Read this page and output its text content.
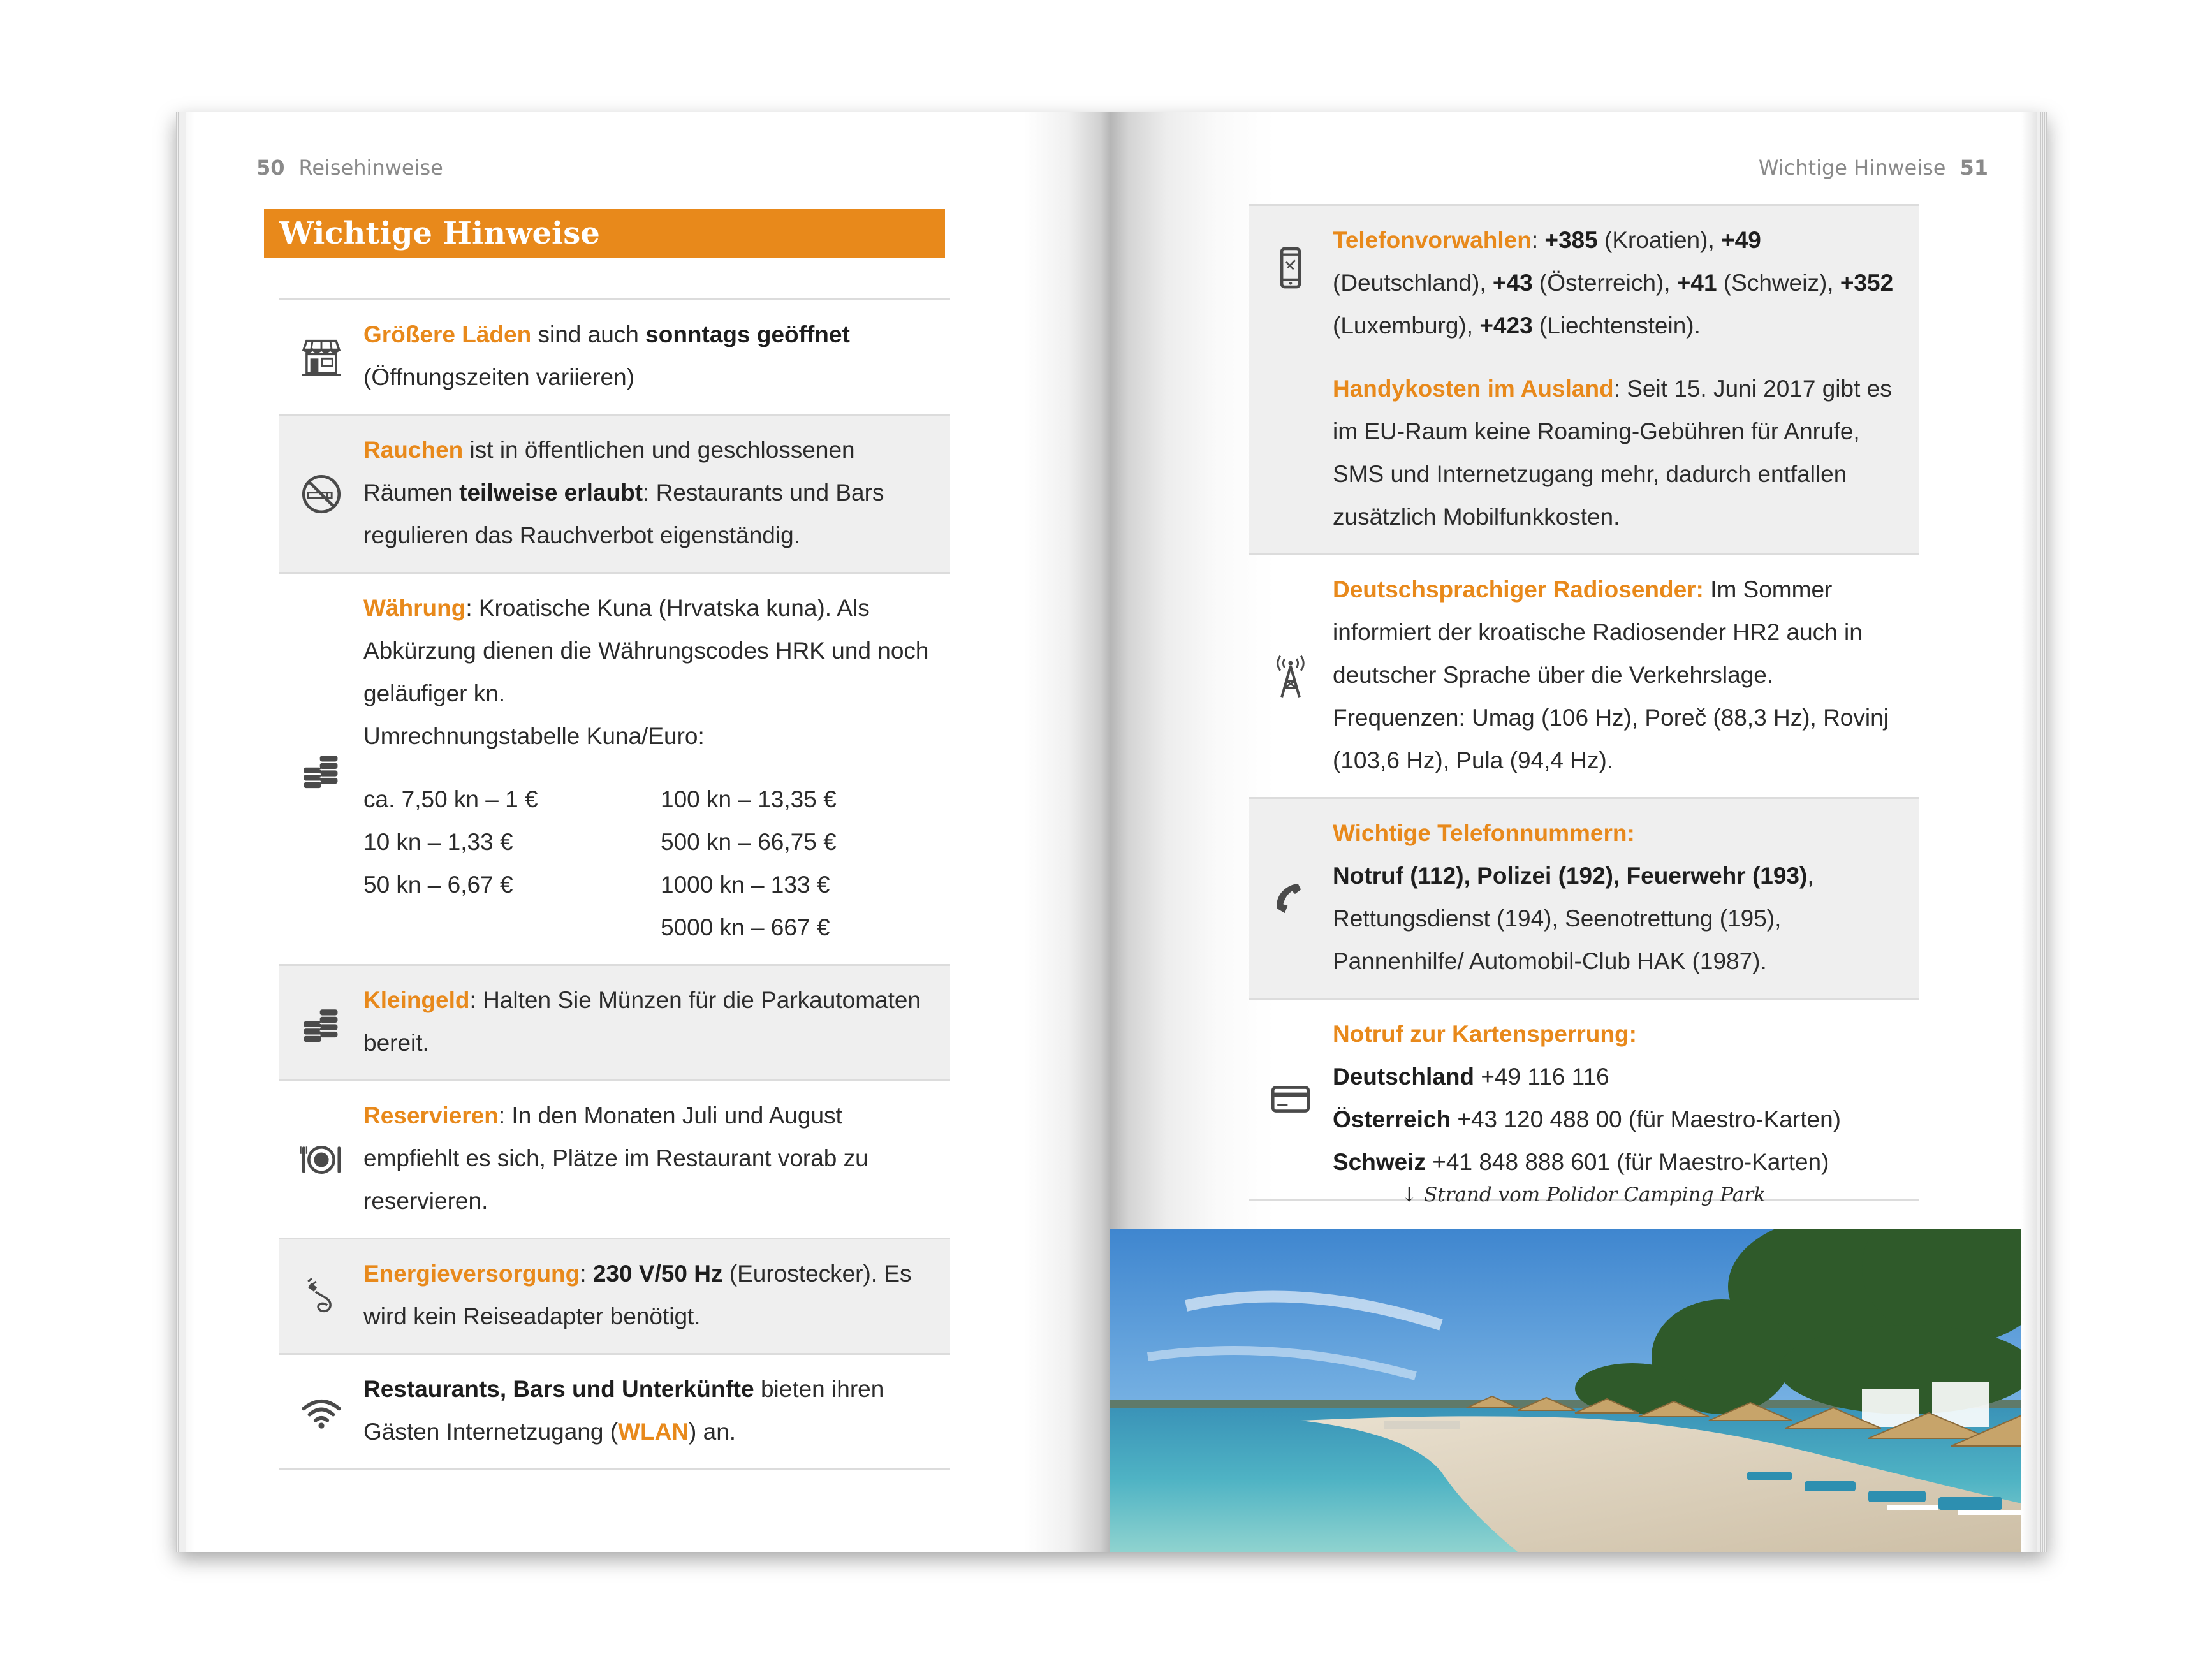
50 Reisehinweise
Wichtige Hinweise
Größere Läden sind auch sonntags geöffnet (Öffnungszeiten variieren)
Rauchen ist in öffentlichen und geschlossenen Räumen teilweise erlaubt: Restaurants und Bars regulieren das Rauchverbot eigenständig.
Währung: Kroatische Kuna (Hrvatska kuna). Als Abkürzung dienen die Währungscodes HRK und noch geläufiger kn.
Umrechnungstabelle Kuna/Euro:
ca. 7,50 kn – 1 €
10 kn – 1,33 €
50 kn – 6,67 €
100 kn – 13,35 €
500 kn – 66,75 €
1000 kn – 133 €
5000 kn – 667 €
Kleingeld: Halten Sie Münzen für die Parkautomaten bereit.
Reservieren: In den Monaten Juli und August empfiehlt es sich, Plätze im Restaurant vorab zu reservieren.
Energieversorgung: 230 V/50 Hz (Eurostecker). Es wird kein Reiseadapter benötigt.
Restaurants, Bars und Unterkünfte bieten ihren Gästen Internetzugang (WLAN) an.
Wichtige Hinweise 51

Telefonvorwahlen: +385 (Kroatien), +49 (Deutschland), +43 (Österreich), +41 (Schweiz), +352 (Luxemburg), +423 (Liechtenstein).

Handykosten im Ausland: Seit 15. Juni 2017 gibt es im EU-Raum keine Roaming-Gebühren für Anrufe, SMS und Internetzugang mehr, dadurch entfallen zusätzlich Mobilfunkkosten.

Deutschsprachiger Radiosender: Im Sommer informiert der kroatische Radiosender HR2 auch in deutscher Sprache über die Verkehrslage. Frequenzen: Umag (106 Hz), Poreč (88,3 Hz), Rovinj (103,6 Hz), Pula (94,4 Hz).
Wichtige Telefonnummern:
Notruf (112), Polizei (192), Feuerwehr (193), Rettungsdienst (194), Seenotrettung (195), Pannenhilfe/ Automobil-Club HAK (1987).
Notruf zur Kartensperrung:
Deutschland +49 116 116
Österreich +43 120 488 00 (für Maestro-Karten)
Schweiz +41 848 888 601 (für Maestro-Karten)
↓ Strand vom Polidor Camping Park
